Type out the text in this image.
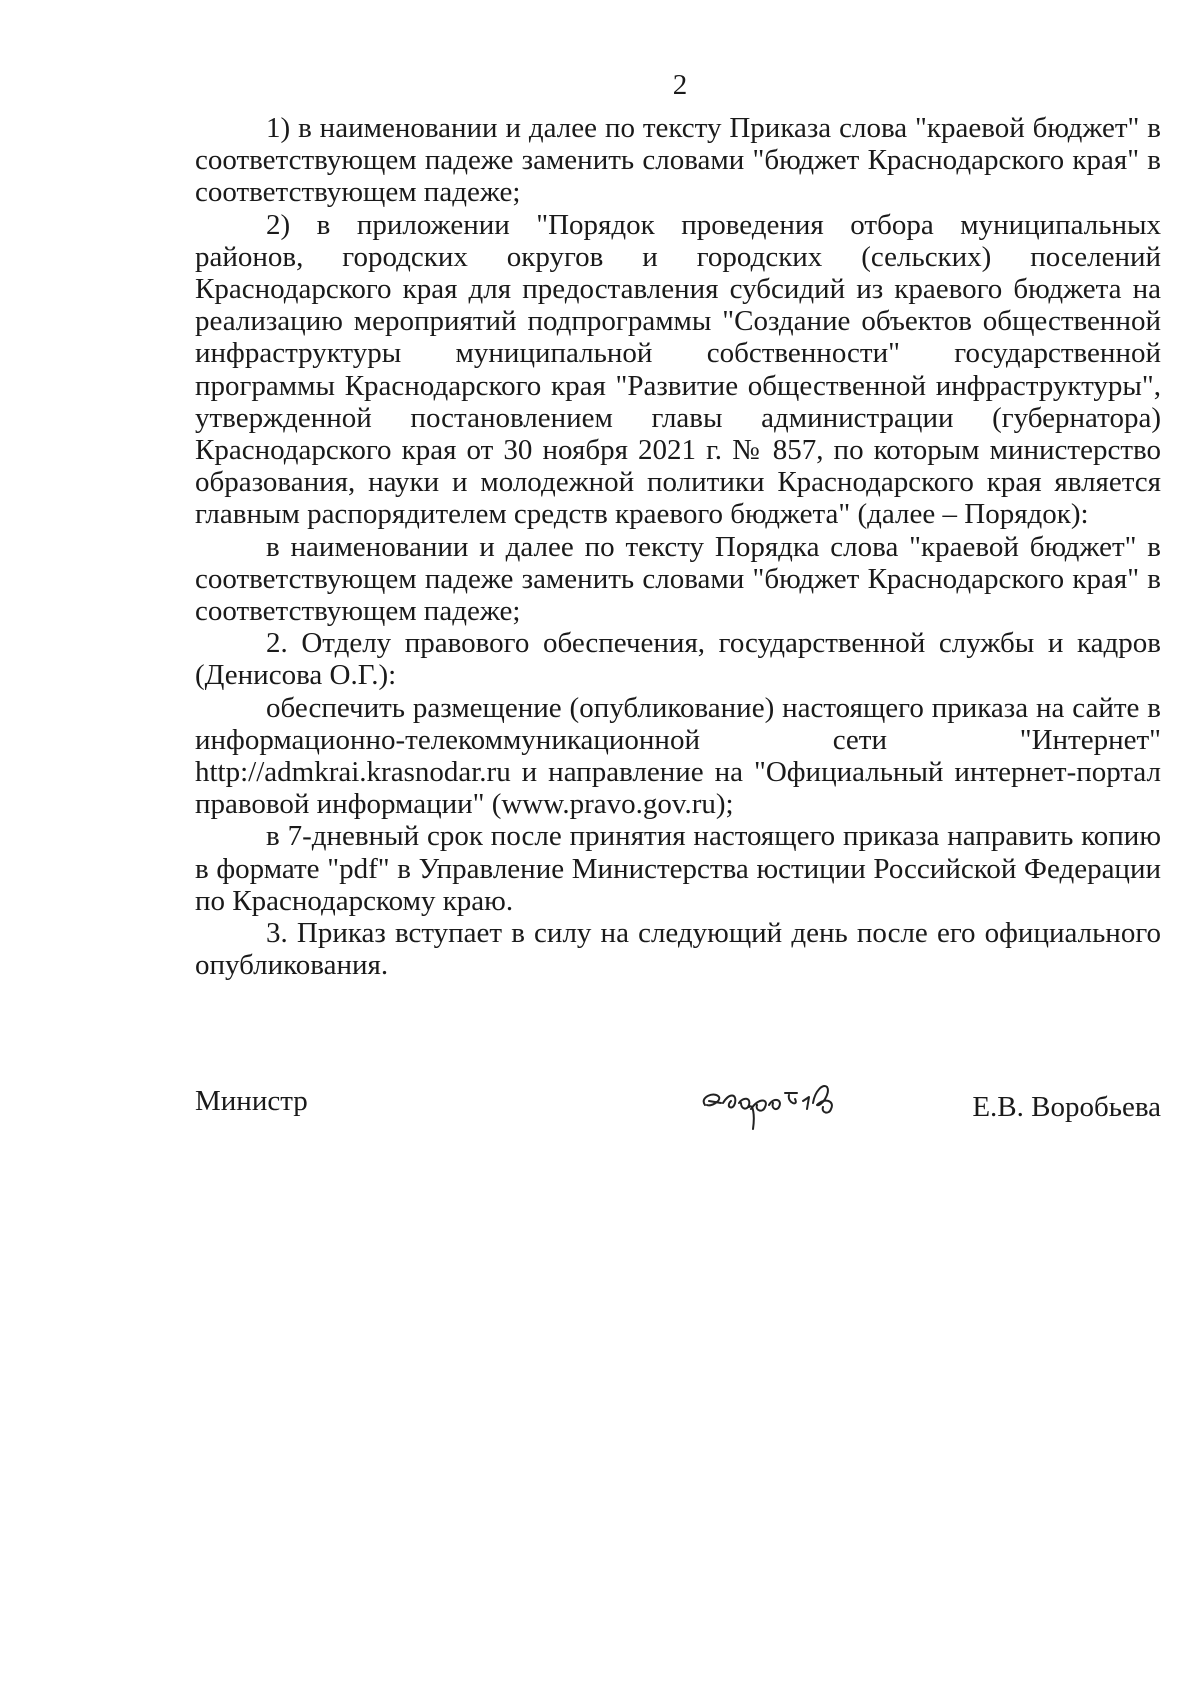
2

1) в наименовании и далее по тексту Приказа слова "краевой бюджет" в соответствующем падеже заменить словами "бюджет Краснодарского края" в соответствующем падеже;

2) в приложении "Порядок проведения отбора муниципальных районов, городских округов и городских (сельских) поселений Краснодарского края для предоставления субсидий из краевого бюджета на реализацию мероприятий подпрограммы "Создание объектов общественной инфраструктуры муниципальной собственности" государственной программы Краснодарского края "Развитие общественной инфраструктуры", утвержденной постановлением главы администрации (губернатора) Краснодарского края от 30 ноября 2021 г. № 857, по которым министерство образования, науки и молодежной политики Краснодарского края является главным распорядителем средств краевого бюджета" (далее – Порядок):

в наименовании и далее по тексту Порядка слова "краевой бюджет" в соответствующем падеже заменить словами "бюджет Краснодарского края" в соответствующем падеже;

2. Отделу правового обеспечения, государственной службы и кадров (Денисова О.Г.):

обеспечить размещение (опубликование) настоящего приказа на сайте в информационно-телекоммуникационной сети "Интернет" http://admkrai.krasnodar.ru и направление на "Официальный интернет-портал правовой информации" (www.pravo.gov.ru);

в 7-дневный срок после принятия настоящего приказа направить копию в формате "pdf" в Управление Министерства юстиции Российской Федерации по Краснодарскому краю.

3. Приказ вступает в силу на следующий день после его официального опубликования.

Министр	Е.В. Воробьева
